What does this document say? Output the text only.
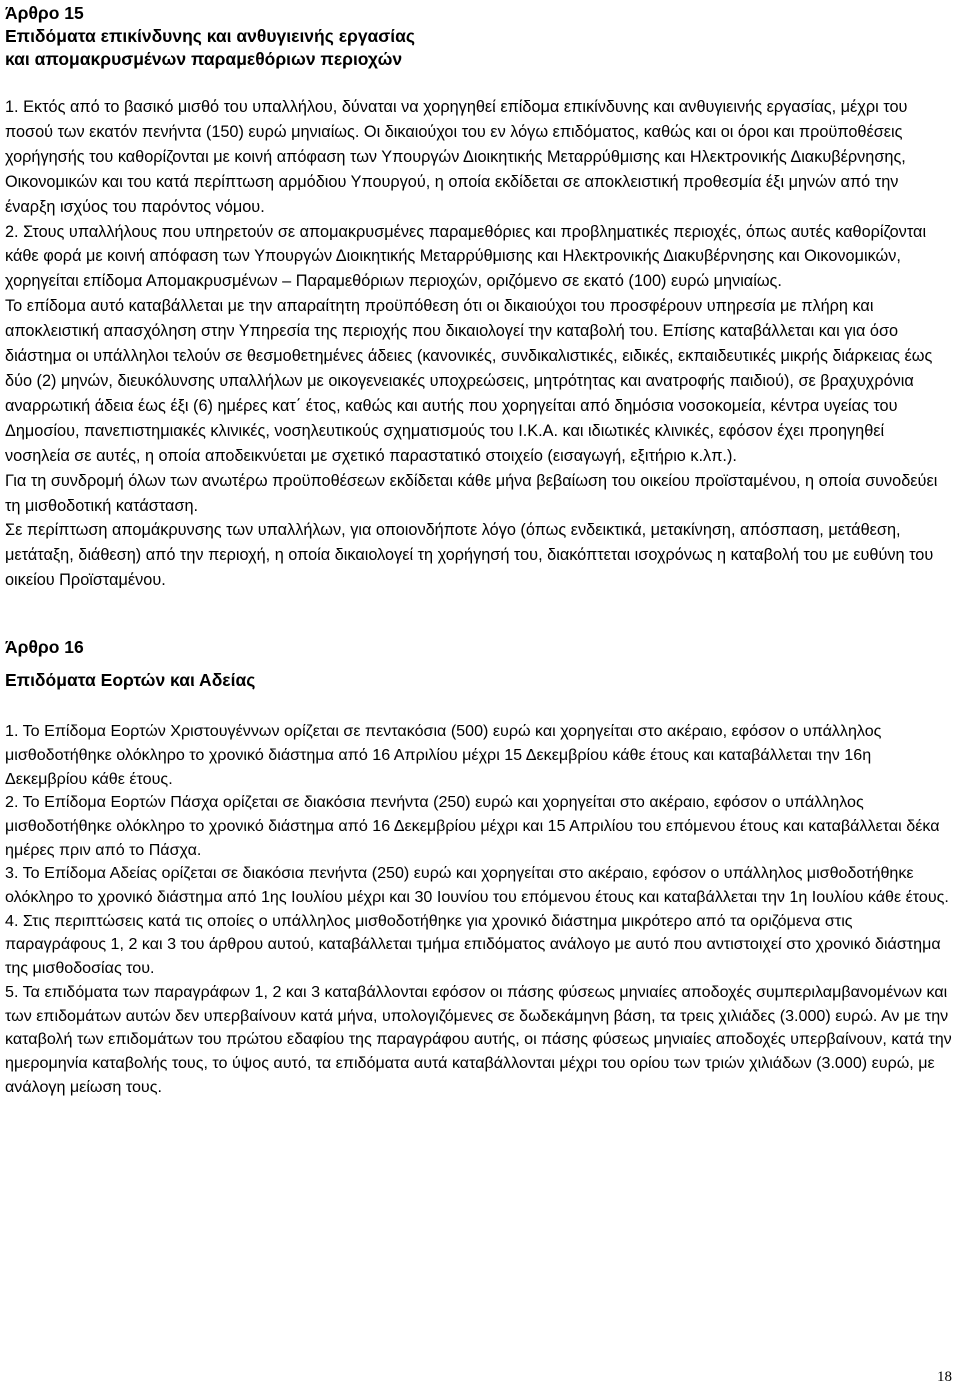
Άρθρο 15
Επιδόματα επικίνδυνης και ανθυγιεινής εργασίας
και απομακρυσμένων παραμεθόριων περιοχών

1. Εκτός από το βασικό μισθό του υπαλλήλου, δύναται να χορηγηθεί επίδομα επικίνδυνης και ανθυγιεινής εργασίας, μέχρι του ποσού των εκατόν πενήντα (150) ευρώ μηνιαίως. Οι δικαιούχοι του εν λόγω επιδόματος, καθώς και οι όροι και προϋποθέσεις χορήγησής του καθορίζονται με κοινή απόφαση των Υπουργών Διοικητικής Μεταρρύθμισης και Ηλεκτρονικής Διακυβέρνησης, Οικονομικών και του κατά περίπτωση αρμόδιου Υπουργού, η οποία εκδίδεται σε αποκλειστική προθεσμία έξι μηνών από την έναρξη ισχύος του παρόντος νόμου.

2. Στους υπαλλήλους που υπηρετούν σε απομακρυσμένες παραμεθόριες και προβληματικές περιοχές, όπως αυτές καθορίζονται κάθε φορά με κοινή απόφαση των Υπουργών Διοικητικής Μεταρρύθμισης και Ηλεκτρονικής Διακυβέρνησης και Οικονομικών, χορηγείται επίδομα Απομακρυσμένων – Παραμεθόριων περιοχών, οριζόμενο σε εκατό (100) ευρώ μηνιαίως.

Το επίδομα αυτό καταβάλλεται με την απαραίτητη προϋπόθεση ότι οι δικαιούχοι του προσφέρουν υπηρεσία με πλήρη και αποκλειστική απασχόληση στην Υπηρεσία της περιοχής που δικαιολογεί την καταβολή του. Επίσης καταβάλλεται και για όσο διάστημα οι υπάλληλοι τελούν σε θεσμοθετημένες άδειες (κανονικές, συνδικαλιστικές, ειδικές, εκπαιδευτικές μικρής διάρκειας έως δύο (2) μηνών, διευκόλυνσης υπαλλήλων με οικογενειακές υποχρεώσεις, μητρότητας και ανατροφής παιδιού), σε βραχυχρόνια αναρρωτική άδεια έως έξι (6) ημέρες κατ΄ έτος, καθώς και αυτής που χορηγείται από δημόσια νοσοκομεία, κέντρα υγείας του Δημοσίου, πανεπιστημιακές κλινικές, νοσηλευτικούς σχηματισμούς του Ι.Κ.Α. και ιδιωτικές κλινικές, εφόσον έχει προηγηθεί νοσηλεία σε αυτές, η οποία αποδεικνύεται με σχετικό παραστατικό στοιχείο (εισαγωγή, εξιτήριο κ.λπ.).

Για τη συνδρομή όλων των ανωτέρω προϋποθέσεων εκδίδεται κάθε μήνα βεβαίωση του οικείου προϊσταμένου, η οποία συνοδεύει τη μισθοδοτική κατάσταση.

Σε περίπτωση απομάκρυνσης των υπαλλήλων, για οποιονδήποτε λόγο (όπως ενδεικτικά, μετακίνηση, απόσπαση, μετάθεση, μετάταξη, διάθεση) από την περιοχή, η οποία δικαιολογεί τη χορήγησή του, διακόπτεται ισοχρόνως η καταβολή του με ευθύνη του οικείου Προϊσταμένου.

Άρθρο 16
Επιδόματα Εορτών και Αδείας

1. Το Επίδομα Εορτών Χριστουγέννων ορίζεται σε πεντακόσια (500) ευρώ και χορηγείται στο ακέραιο, εφόσον ο υπάλληλος μισθοδοτήθηκε ολόκληρο το χρονικό διάστημα από 16 Απριλίου μέχρι 15 Δεκεμβρίου κάθε έτους και καταβάλλεται την 16η Δεκεμβρίου κάθε έτους.

2. Το Επίδομα Εορτών Πάσχα ορίζεται σε διακόσια πενήντα (250) ευρώ και χορηγείται στο ακέραιο, εφόσον ο υπάλληλος μισθοδοτήθηκε ολόκληρο το χρονικό διάστημα από 16 Δεκεμβρίου μέχρι και 15 Απριλίου του επόμενου έτους και καταβάλλεται δέκα ημέρες πριν από το Πάσχα.

3. Το Επίδομα Αδείας ορίζεται σε διακόσια πενήντα (250) ευρώ και χορηγείται στο ακέραιο, εφόσον ο υπάλληλος μισθοδοτήθηκε ολόκληρο το χρονικό διάστημα από 1ης Ιουλίου μέχρι και 30 Ιουνίου του επόμενου έτους και καταβάλλεται την 1η Ιουλίου κάθε έτους.

4. Στις περιπτώσεις κατά τις οποίες ο υπάλληλος μισθοδοτήθηκε για χρονικό διάστημα μικρότερο από τα οριζόμενα στις παραγράφους 1, 2 και 3 του άρθρου αυτού, καταβάλλεται τμήμα επιδόματος ανάλογο με αυτό που αντιστοιχεί στο χρονικό διάστημα της μισθοδοσίας του.

5. Τα επιδόματα των παραγράφων 1, 2 και 3 καταβάλλονται εφόσον οι πάσης φύσεως μηνιαίες αποδοχές συμπεριλαμβανομένων και των επιδομάτων αυτών δεν υπερβαίνουν κατά μήνα, υπολογιζόμενες σε δωδεκάμηνη βάση, τα τρεις χιλιάδες (3.000) ευρώ. Αν με την καταβολή των επιδομάτων του πρώτου εδαφίου της παραγράφου αυτής, οι πάσης φύσεως μηνιαίες αποδοχές υπερβαίνουν, κατά την ημερομηνία καταβολής τους, το ύψος αυτό, τα επιδόματα αυτά καταβάλλονται μέχρι του ορίου των τριών χιλιάδων (3.000) ευρώ, με ανάλογη μείωση τους.

18
